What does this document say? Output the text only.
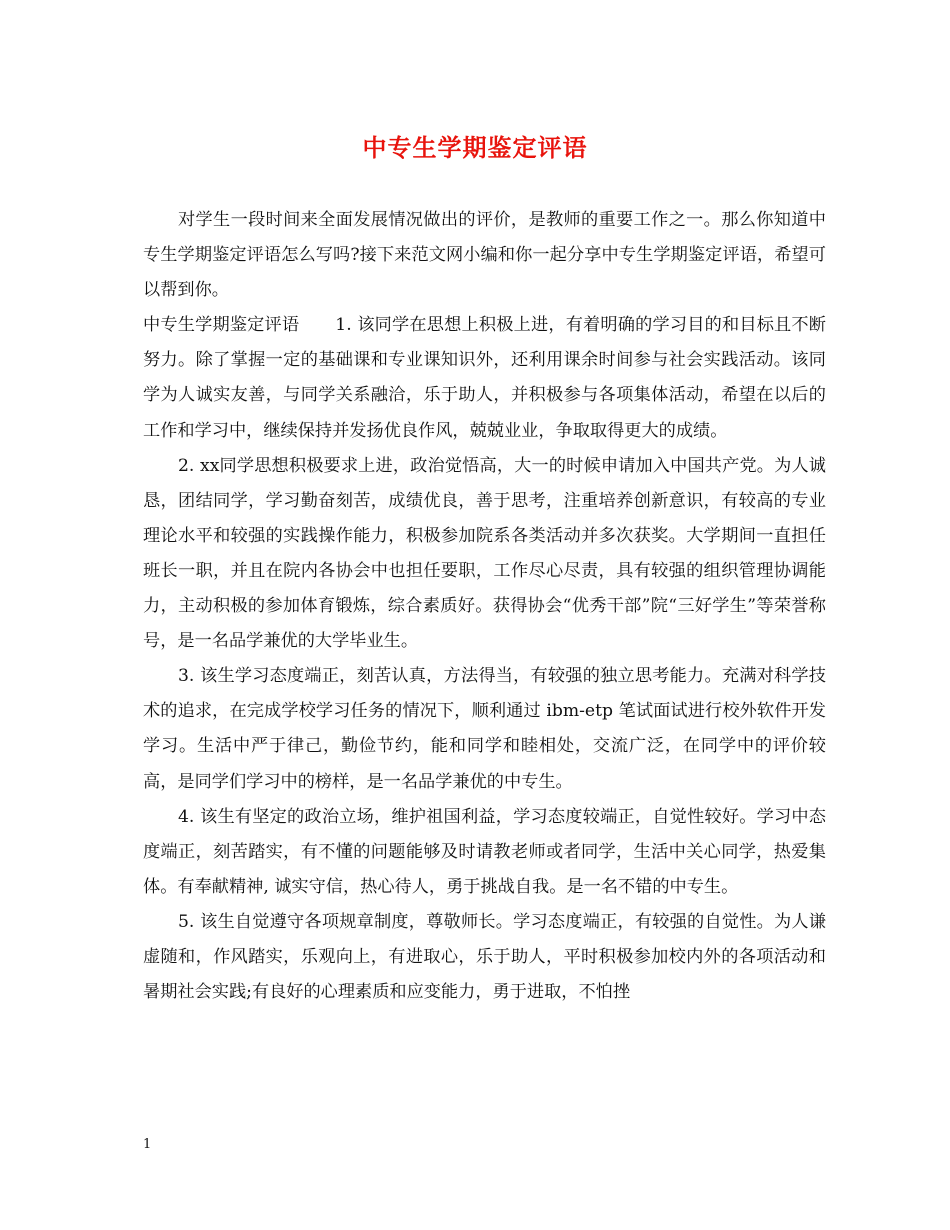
中专生学期鉴定评语

对学生一段时间来全面发展情况做出的评价，是教师的重要工作之一。那么你知道中专生学期鉴定评语怎么写吗?接下来范文网小编和你一起分享中专生学期鉴定评语，希望可以帮到你。

中专生学期鉴定评语 1. 该同学在思想上积极上进，有着明确的学习目的和目标且不断努力。除了掌握一定的基础课和专业课知识外，还利用课余时间参与社会实践活动。该同学为人诚实友善，与同学关系融洽，乐于助人，并积极参与各项集体活动，希望在以后的工作和学习中，继续保持并发扬优良作风，兢兢业业，争取取得更大的成绩。

2. xx同学思想积极要求上进，政治觉悟高，大一的时候申请加入中国共产党。为人诚恳，团结同学，学习勤奋刻苦，成绩优良，善于思考，注重培养创新意识，有较高的专业理论水平和较强的实践操作能力，积极参加院系各类活动并多次获奖。大学期间一直担任班长一职，并且在院内各协会中也担任要职，工作尽心尽责，具有较强的组织管理协调能力，主动积极的参加体育锻炼，综合素质好。获得协会“优秀干部”院“三好学生”等荣誉称号，是一名品学兼优的大学毕业生。

3. 该生学习态度端正，刻苦认真，方法得当，有较强的独立思考能力。充满对科学技术的追求，在完成学校学习任务的情况下，顺利通过 ibm-etp 笔试面试进行校外软件开发学习。生活中严于律己，勤俭节约，能和同学和睦相处，交流广泛，在同学中的评价较高，是同学们学习中的榜样，是一名品学兼优的中专生。

4. 该生有坚定的政治立场，维护祖国利益，学习态度较端正，自觉性较好。学习中态度端正，刻苦踏实，有不懂的问题能够及时请教老师或者同学，生活中关心同学，热爱集体。有奉献精神, 诚实守信，热心待人，勇于挑战自我。是一名不错的中专生。

5. 该生自觉遵守各项规章制度，尊敬师长。学习态度端正，有较强的自觉性。为人谦虚随和，作风踏实，乐观向上，有进取心，乐于助人，平时积极参加校内外的各项活动和暑期社会实践;有良好的心理素质和应变能力，勇于进取，不怕挫

1
